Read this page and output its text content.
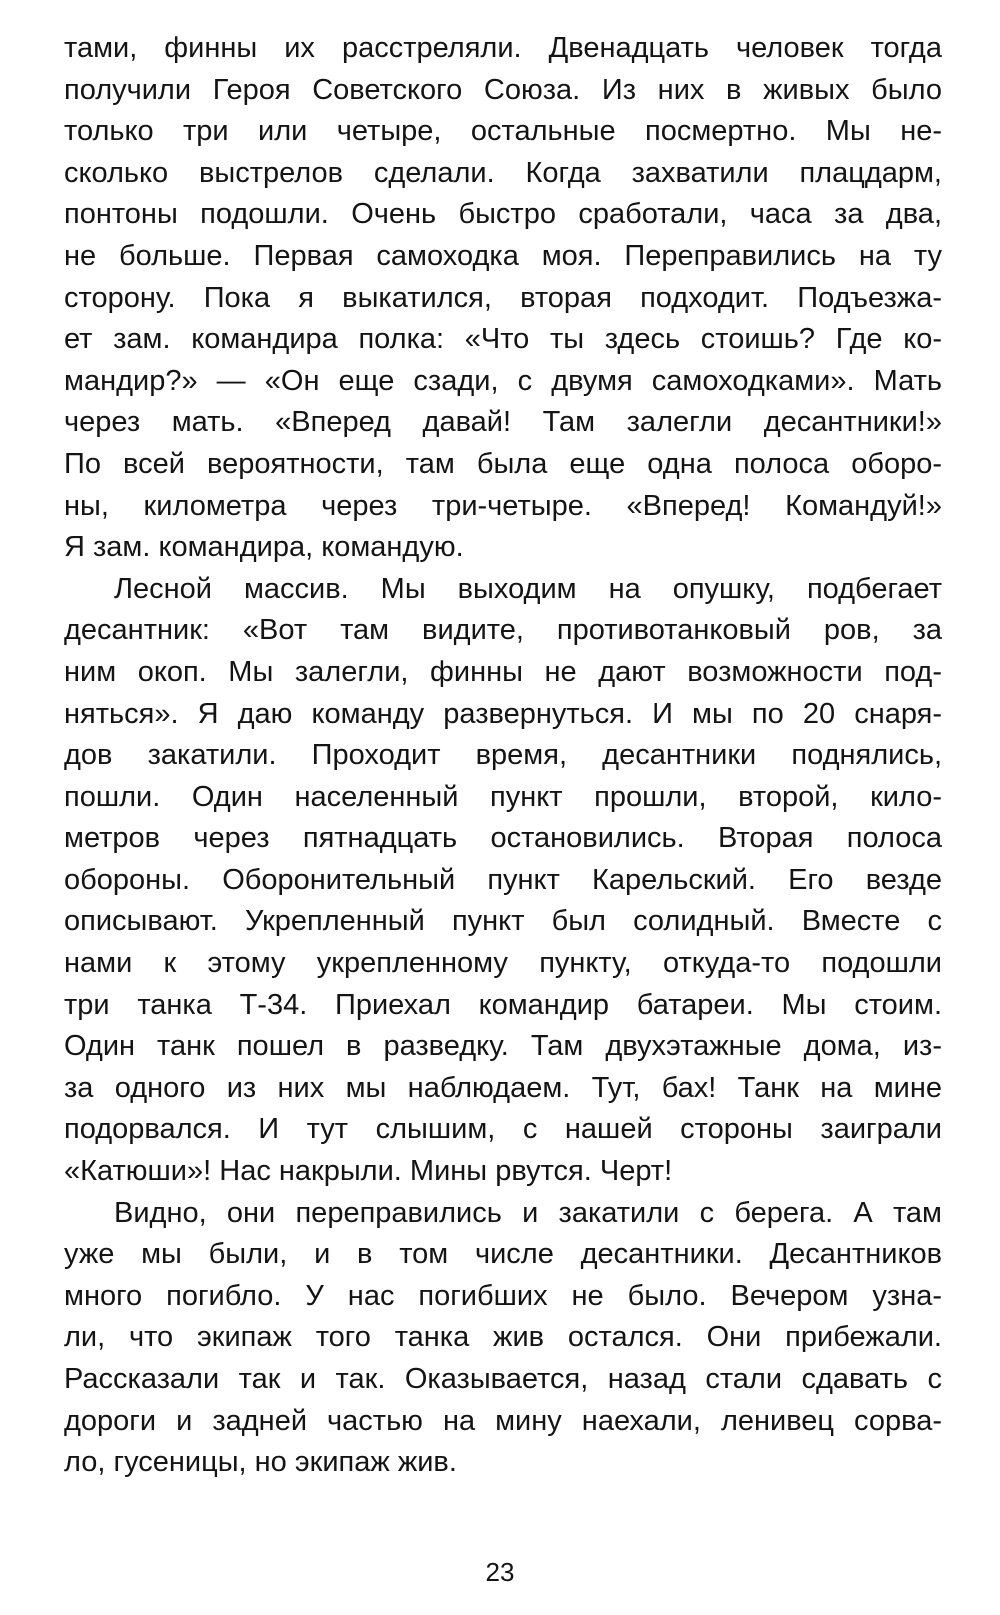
тами, финны их расстреляли. Двенадцать человек тогда
получили Героя Советского Союза. Из них в живых было
только три или четыре, остальные посмертно. Мы не-
сколько выстрелов сделали. Когда захватили плацдарм,
понтоны подошли. Очень быстро сработали, часа за два,
не больше. Первая самоходка моя. Переправились на ту
сторону. Пока я выкатился, вторая подходит. Подъезжа-
ет зам. командира полка: «Что ты здесь стоишь? Где ко-
мандир?» — «Он еще сзади, с двумя самоходками». Мать
через мать. «Вперед давай! Там залегли десантники!»
По всей вероятности, там была еще одна полоса оборо-
ны, километра через три-четыре. «Вперед! Командуй!»
Я зам. командира, командую.
Лесной массив. Мы выходим на опушку, подбегает
десантник: «Вот там видите, противотанковый ров, за
ним окоп. Мы залегли, финны не дают возможности под-
няться». Я даю команду развернуться. И мы по 20 снаря-
дов закатили. Проходит время, десантники поднялись,
пошли. Один населенный пункт прошли, второй, кило-
метров через пятнадцать остановились. Вторая полоса
обороны. Оборонительный пункт Карельский. Его везде
описывают. Укрепленный пункт был солидный. Вместе с
нами к этому укрепленному пункту, откуда-то подошли
три танка Т-34. Приехал командир батареи. Мы стоим.
Один танк пошел в разведку. Там двухэтажные дома, из-
за одного из них мы наблюдаем. Тут, бах! Танк на мине
подорвался. И тут слышим, с нашей стороны заиграли
«Катюши»! Нас накрыли. Мины рвутся. Черт!
Видно, они переправились и закатили с берега. А там
уже мы были, и в том числе десантники. Десантников
много погибло. У нас погибших не было. Вечером узна-
ли, что экипаж того танка жив остался. Они прибежали.
Рассказали так и так. Оказывается, назад стали сдавать с
дороги и задней частью на мину наехали, ленивец сорва-
ло, гусеницы, но экипаж жив.
23
